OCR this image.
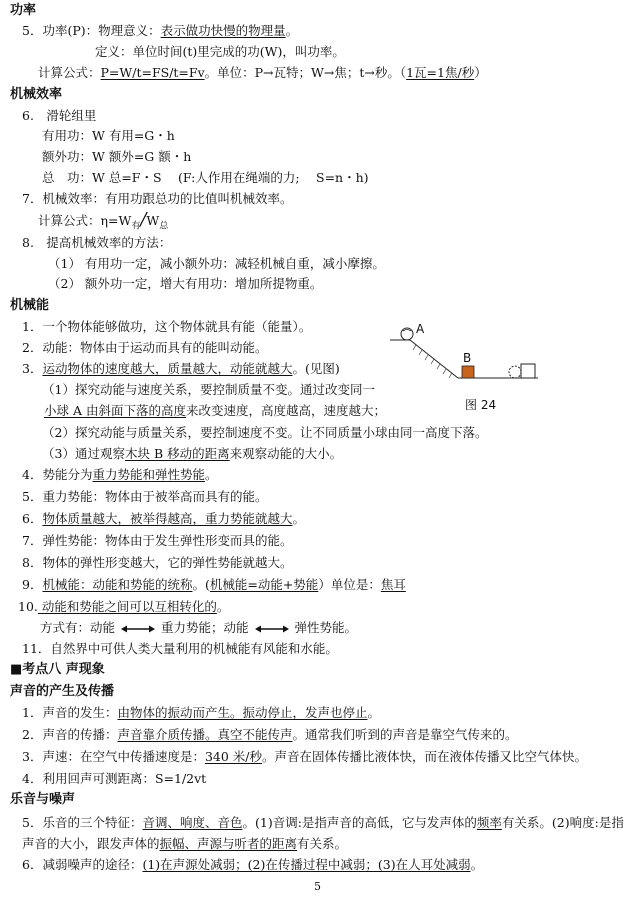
功率
5．功率(P)：物理意义：表示做功快慢的物理量。
定义：单位时间(t)里完成的功(W)，叫功率。
计算公式：P=W/t=FS/t=Fv。单位：P→瓦特；W→焦；t→秒。（1瓦=1焦/秒）
机械效率
6.　滑轮组里
有用功：W 有用=G・h
额外功：W 额外=G 额・h
总　功：W 总=F・S　 (F:人作用在绳端的力;　 S=n・h)
7．机械效率：有用功跟总功的比值叫机械效率。
计算公式：$\eta=W_有/W_总$
8.　提高机械效率的方法：
（1） 有用功一定，减小额外功：减轻机械自重，减小摩擦。
（2） 额外功一定，增大有用功：增加所提物重。
机械能
1．一个物体能够做功，这个物体就具有能（能量）。
2．动能：物体由于运动而具有的能叫动能。
3．运动物体的速度越大，质量越大，动能就越大。(见图)
（1）探究动能与速度关系，要控制质量不变。通过改变同一
小球 A 由斜面下落的高度来改变速度，高度越高，速度越大；
（2）探究动能与质量关系，要控制速度不变。让不同质量小球由同一高度下落。
（3）通过观察木块 B 移动的距离来观察动能的大小。
A
B
图 24
4．势能分为重力势能和弹性势能。
5．重力势能：物体由于被举高而具有的能。
6．物体质量越大，被举得越高，重力势能就越大。
7．弹性势能：物体由于发生弹性形变而具的能。
8．物体的弹性形变越大，它的弹性势能就越大。
9．机械能：动能和势能的统称。(机械能=动能+势能）单位是：焦耳
10. 动能和势能之间可以互相转化的。
方式有：动能	重力势能；动能	弹性势能。
11．自然界中可供人类大量利用的机械能有风能和水能。
■考点八 声现象
声音的产生及传播
1．声音的发生：由物体的振动而产生。振动停止，发声也停止。
2．声音的传播：声音靠介质传播。真空不能传声。通常我们听到的声音是靠空气传来的。
3．声速：在空气中传播速度是：340 米/秒。声音在固体传播比液体快，而在液体传播又比空气体快。
4．利用回声可测距离：S=1/2vt
乐音与噪声
5．乐音的三个特征：音调、响度、音色。(1)音调:是指声音的高低，它与发声体的频率有关系。(2)响度:是指声音的大小，跟发声体的振幅、声源与听者的距离有关系。
6．减弱噪声的途径：(1)在声源处减弱；(2)在传播过程中减弱；(3)在人耳处减弱。
5
